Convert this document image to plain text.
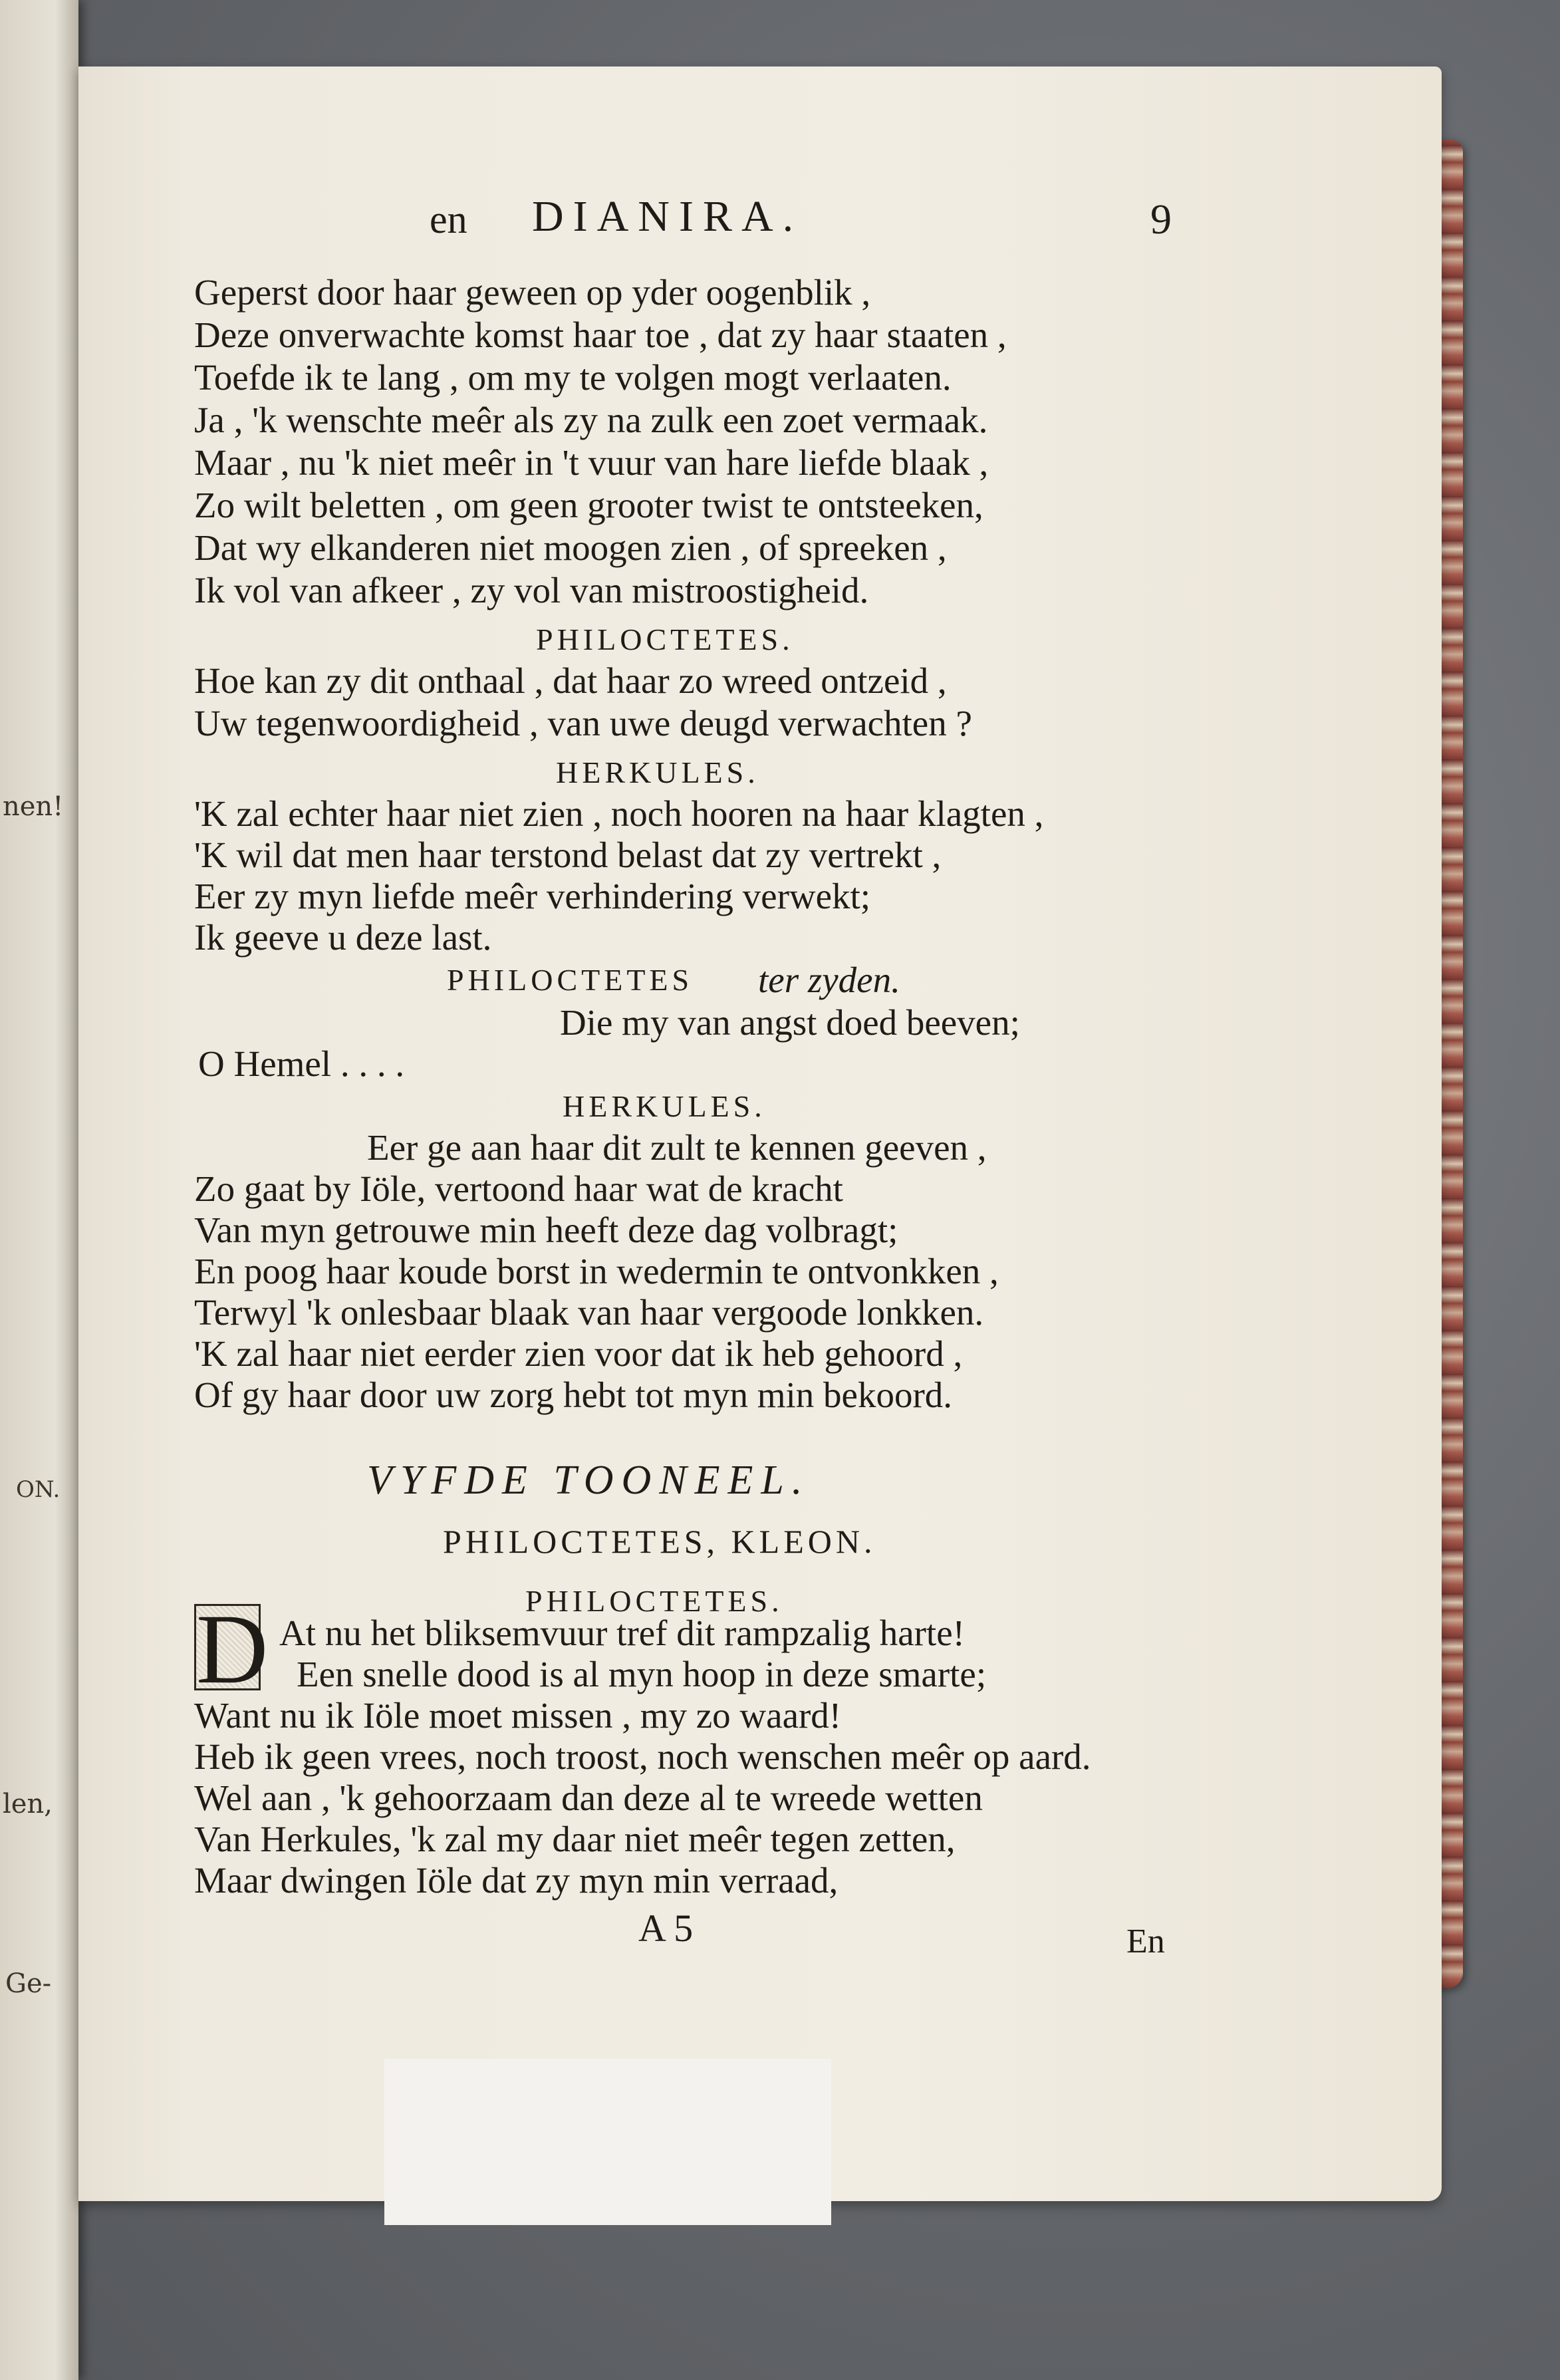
nen!
ON.
len,
Ge-
en DIANIRA.	9
Geperst door haar geween op yder oogenblik ,
Deze onverwachte komst haar toe , dat zy haar staaten ,
Toefde ik te lang , om my te volgen mogt verlaaten.
Ja , 'k wenschte meêr als zy na zulk een zoet vermaak.
Maar , nu 'k niet meêr in 't vuur van hare liefde blaak ,
Zo wilt beletten , om geen grooter twist te ontsteeken,
Dat wy elkanderen niet moogen zien , of spreeken ,
Ik vol van afkeer , zy vol van mistroostigheid.
PHILOCTETES.
Hoe kan zy dit onthaal , dat haar zo wreed ontzeid ,
Uw tegenwoordigheid , van uwe deugd verwachten ?
HERKULES.
'K zal echter haar niet zien , noch hooren na haar klagten ,
'K wil dat men haar terstond belast dat zy vertrekt ,
Eer zy myn liefde meêr verhindering verwekt;
Ik geeve u deze last.
PHILOCTETES ter zyden.
Die my van angst doed beeven;
O Hemel . . . .
HERKULES.
Eer ge aan haar dit zult te kennen geeven ,
Zo gaat by Iöle, vertoond haar wat de kracht
Van myn getrouwe min heeft deze dag volbragt;
En poog haar koude borst in wedermin te ontvonkken ,
Terwyl 'k onlesbaar blaak van haar vergoode lonkken.
'K zal haar niet eerder zien voor dat ik heb gehoord ,
Of gy haar door uw zorg hebt tot myn min bekoord.
VYFDE TOONEEL.
PHILOCTETES, KLEON.
PHILOCTETES.
D At nu het bliksemvuur tref dit rampzalig harte!
Een snelle dood is al myn hoop in deze smarte;
Want nu ik Iöle moet missen , my zo waard!
Heb ik geen vrees, noch troost, noch wenschen meêr op aard.
Wel aan , 'k gehoorzaam dan deze al te wreede wetten
Van Herkules, 'k zal my daar niet meêr tegen zetten,
Maar dwingen Iöle dat zy myn min verraad,
A 5	En
